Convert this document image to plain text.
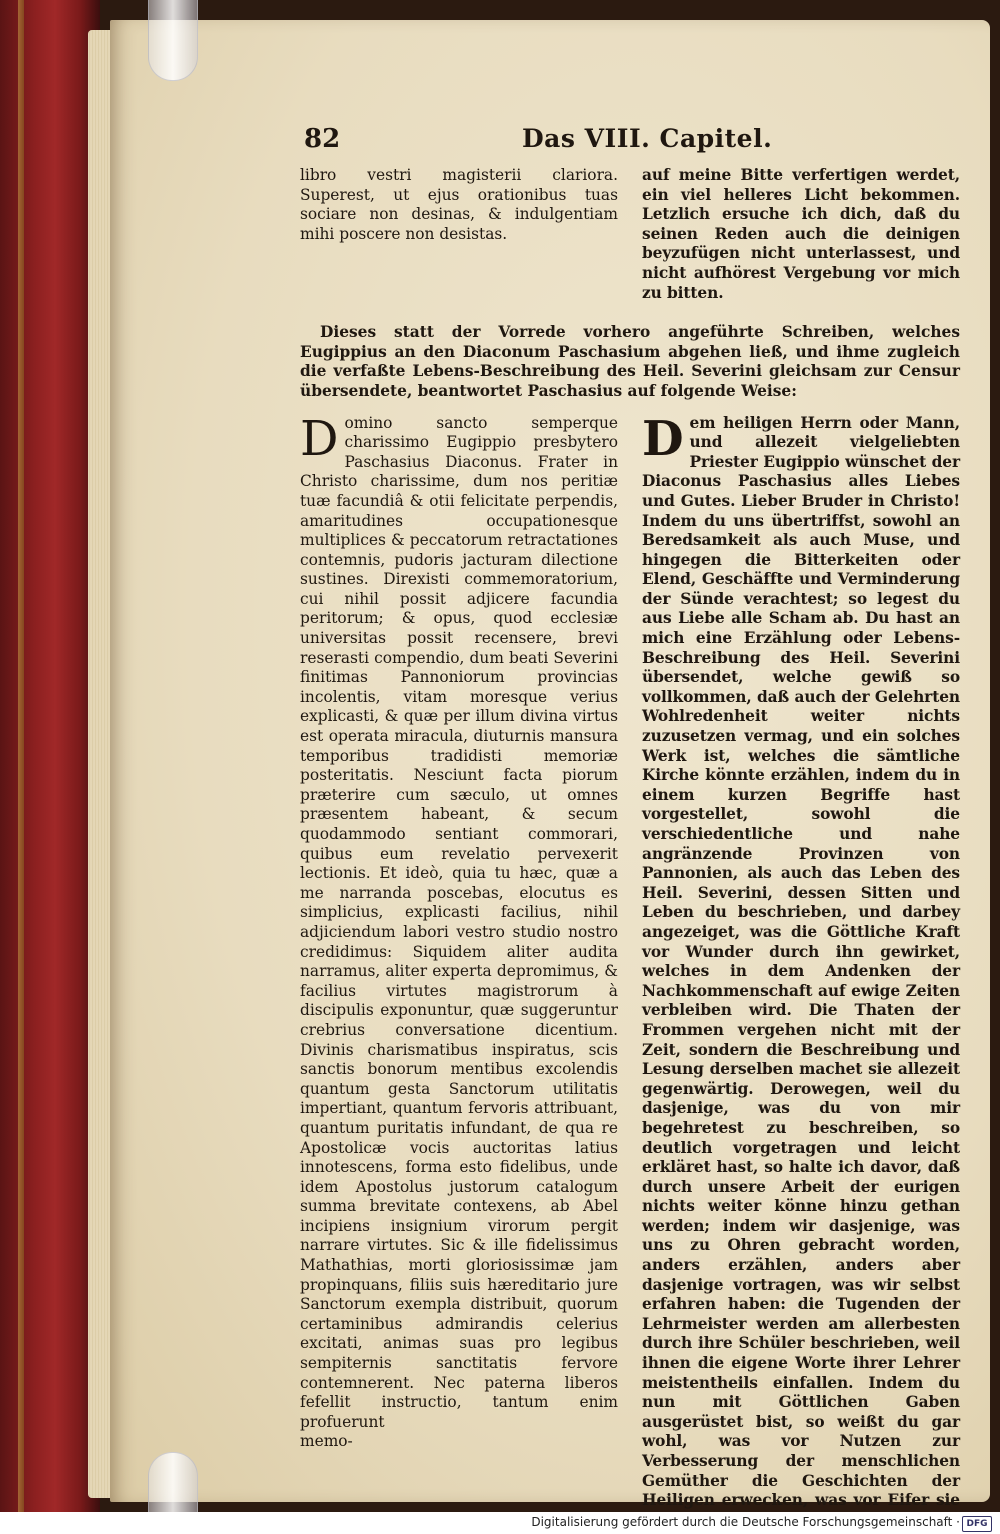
82	Das VIII. Capitel.

libro vestri magisterii clariora. Superest, ut ejus orationibus tuas sociare non desinas, & indulgentiam mihi poscere non desistas.

auf meine Bitte verfertigen werdet, ein viel helleres Licht bekommen. Letzlich ersuche ich dich, daß du seinen Reden auch die deinigen beyzufügen nicht unterlassest, und nicht aufhörest Vergebung vor mich zu bitten.

Dieses statt der Vorrede vorhero angeführte Schreiben, welches Eugippius an den Diaconum Paschasium abgehen ließ, und ihme zugleich die verfaßte Lebens-Beschreibung des Heil. Severini gleichsam zur Censur übersendete, beantwortet Paschasius auf folgende Weise:

Domino sancto semperque charissimo Eugippio presbytero Paschasius Diaconus. Frater in Christo charissime, dum nos peritiæ tuæ facundiâ & otii felicitate perpendis, amaritudines occupationesque multiplices & peccatorum retractationes contemnis, pudoris jacturam dilectione sustines. Direxisti commemoratorium, cui nihil possit adjicere facundia peritorum; & opus, quod ecclesiæ universitas possit recensere, brevi reserasti compendio, dum beati Severini finitimas Pannoniorum provincias incolentis, vitam moresque verius explicasti, & quæ per illum divina virtus est operata miracula, diuturnis mansura temporibus tradidisti memoriæ posteritatis. Nesciunt facta piorum præterire cum sæculo, ut omnes præsentem habeant, & secum quodammodo sentiant commorari, quibus eum revelatio pervexerit lectionis. Et ideò, quia tu hæc, quæ a me narranda poscebas, elocutus es simplicius, explicasti facilius, nihil adjiciendum labori vestro studio nostro credidimus: Siquidem aliter audita narramus, aliter experta depromimus, & facilius virtutes magistrorum à discipulis exponuntur, quæ suggeruntur crebrius conversatione dicentium. Divinis charismatibus inspiratus, scis sanctis bonorum mentibus excolendis quantum gesta Sanctorum utilitatis impertiant, quantum fervoris attribuant, quantum puritatis infundant, de qua re Apostolicæ vocis auctoritas latius innotescens, forma esto fidelibus, unde idem Apostolus justorum catalogum summa brevitate contexens, ab Abel incipiens insignium virorum pergit narrare virtutes. Sic & ille fidelissimus Mathathias, morti gloriosissimæ jam propinquans, filiis suis hæreditario jure Sanctorum exempla distribuit, quorum certaminibus admirandis celerius excitati, animas suas pro legibus sempiternis sanctitatis fervore contemnerent. Nec paterna liberos fefellit instructio, tantum enim profuerunt

memo-

Dem heiligen Herrn oder Mann, und allezeit vielgeliebten Priester Eugippio wünschet der Diaconus Paschasius alles Liebes und Gutes. Lieber Bruder in Christo! Indem du uns übertriffst, sowohl an Beredsamkeit als auch Muse, und hingegen die Bitterkeiten oder Elend, Geschäffte und Verminderung der Sünde verachtest; so legest du aus Liebe alle Scham ab. Du hast an mich eine Erzählung oder Lebens-Beschreibung des Heil. Severini übersendet, welche gewiß so vollkommen, daß auch der Gelehrten Wohlredenheit weiter nichts zuzusetzen vermag, und ein solches Werk ist, welches die sämtliche Kirche könnte erzählen, indem du in einem kurzen Begriffe hast vorgestellet, sowohl die verschiedentliche und nahe angränzende Provinzen von Pannonien, als auch das Leben des Heil. Severini, dessen Sitten und Leben du beschrieben, und darbey angezeiget, was die Göttliche Kraft vor Wunder durch ihn gewirket, welches in dem Andenken der Nachkommenschaft auf ewige Zeiten verbleiben wird. Die Thaten der Frommen vergehen nicht mit der Zeit, sondern die Beschreibung und Lesung derselben machet sie allezeit gegenwärtig. Derowegen, weil du dasjenige, was du von mir begehretest zu beschreiben, so deutlich vorgetragen und leicht erkläret hast, so halte ich davor, daß durch unsere Arbeit der eurigen nichts weiter könne hinzu gethan werden; indem wir dasjenige, was uns zu Ohren gebracht worden, anders erzählen, anders aber dasjenige vortragen, was wir selbst erfahren haben: die Tugenden der Lehrmeister werden am allerbesten durch ihre Schüler beschrieben, weil ihnen die eigene Worte ihrer Lehrer meistentheils einfallen. Indem du nun mit Göttlichen Gaben ausgerüstet bist, so weißt du gar wohl, was vor Nutzen zur Verbesserung der menschlichen Gemüther die Geschichten der Heiligen erwecken, was vor Eifer sie

Digitalisierung gefördert durch die Deutsche Forschungsgemeinschaft · DFG
